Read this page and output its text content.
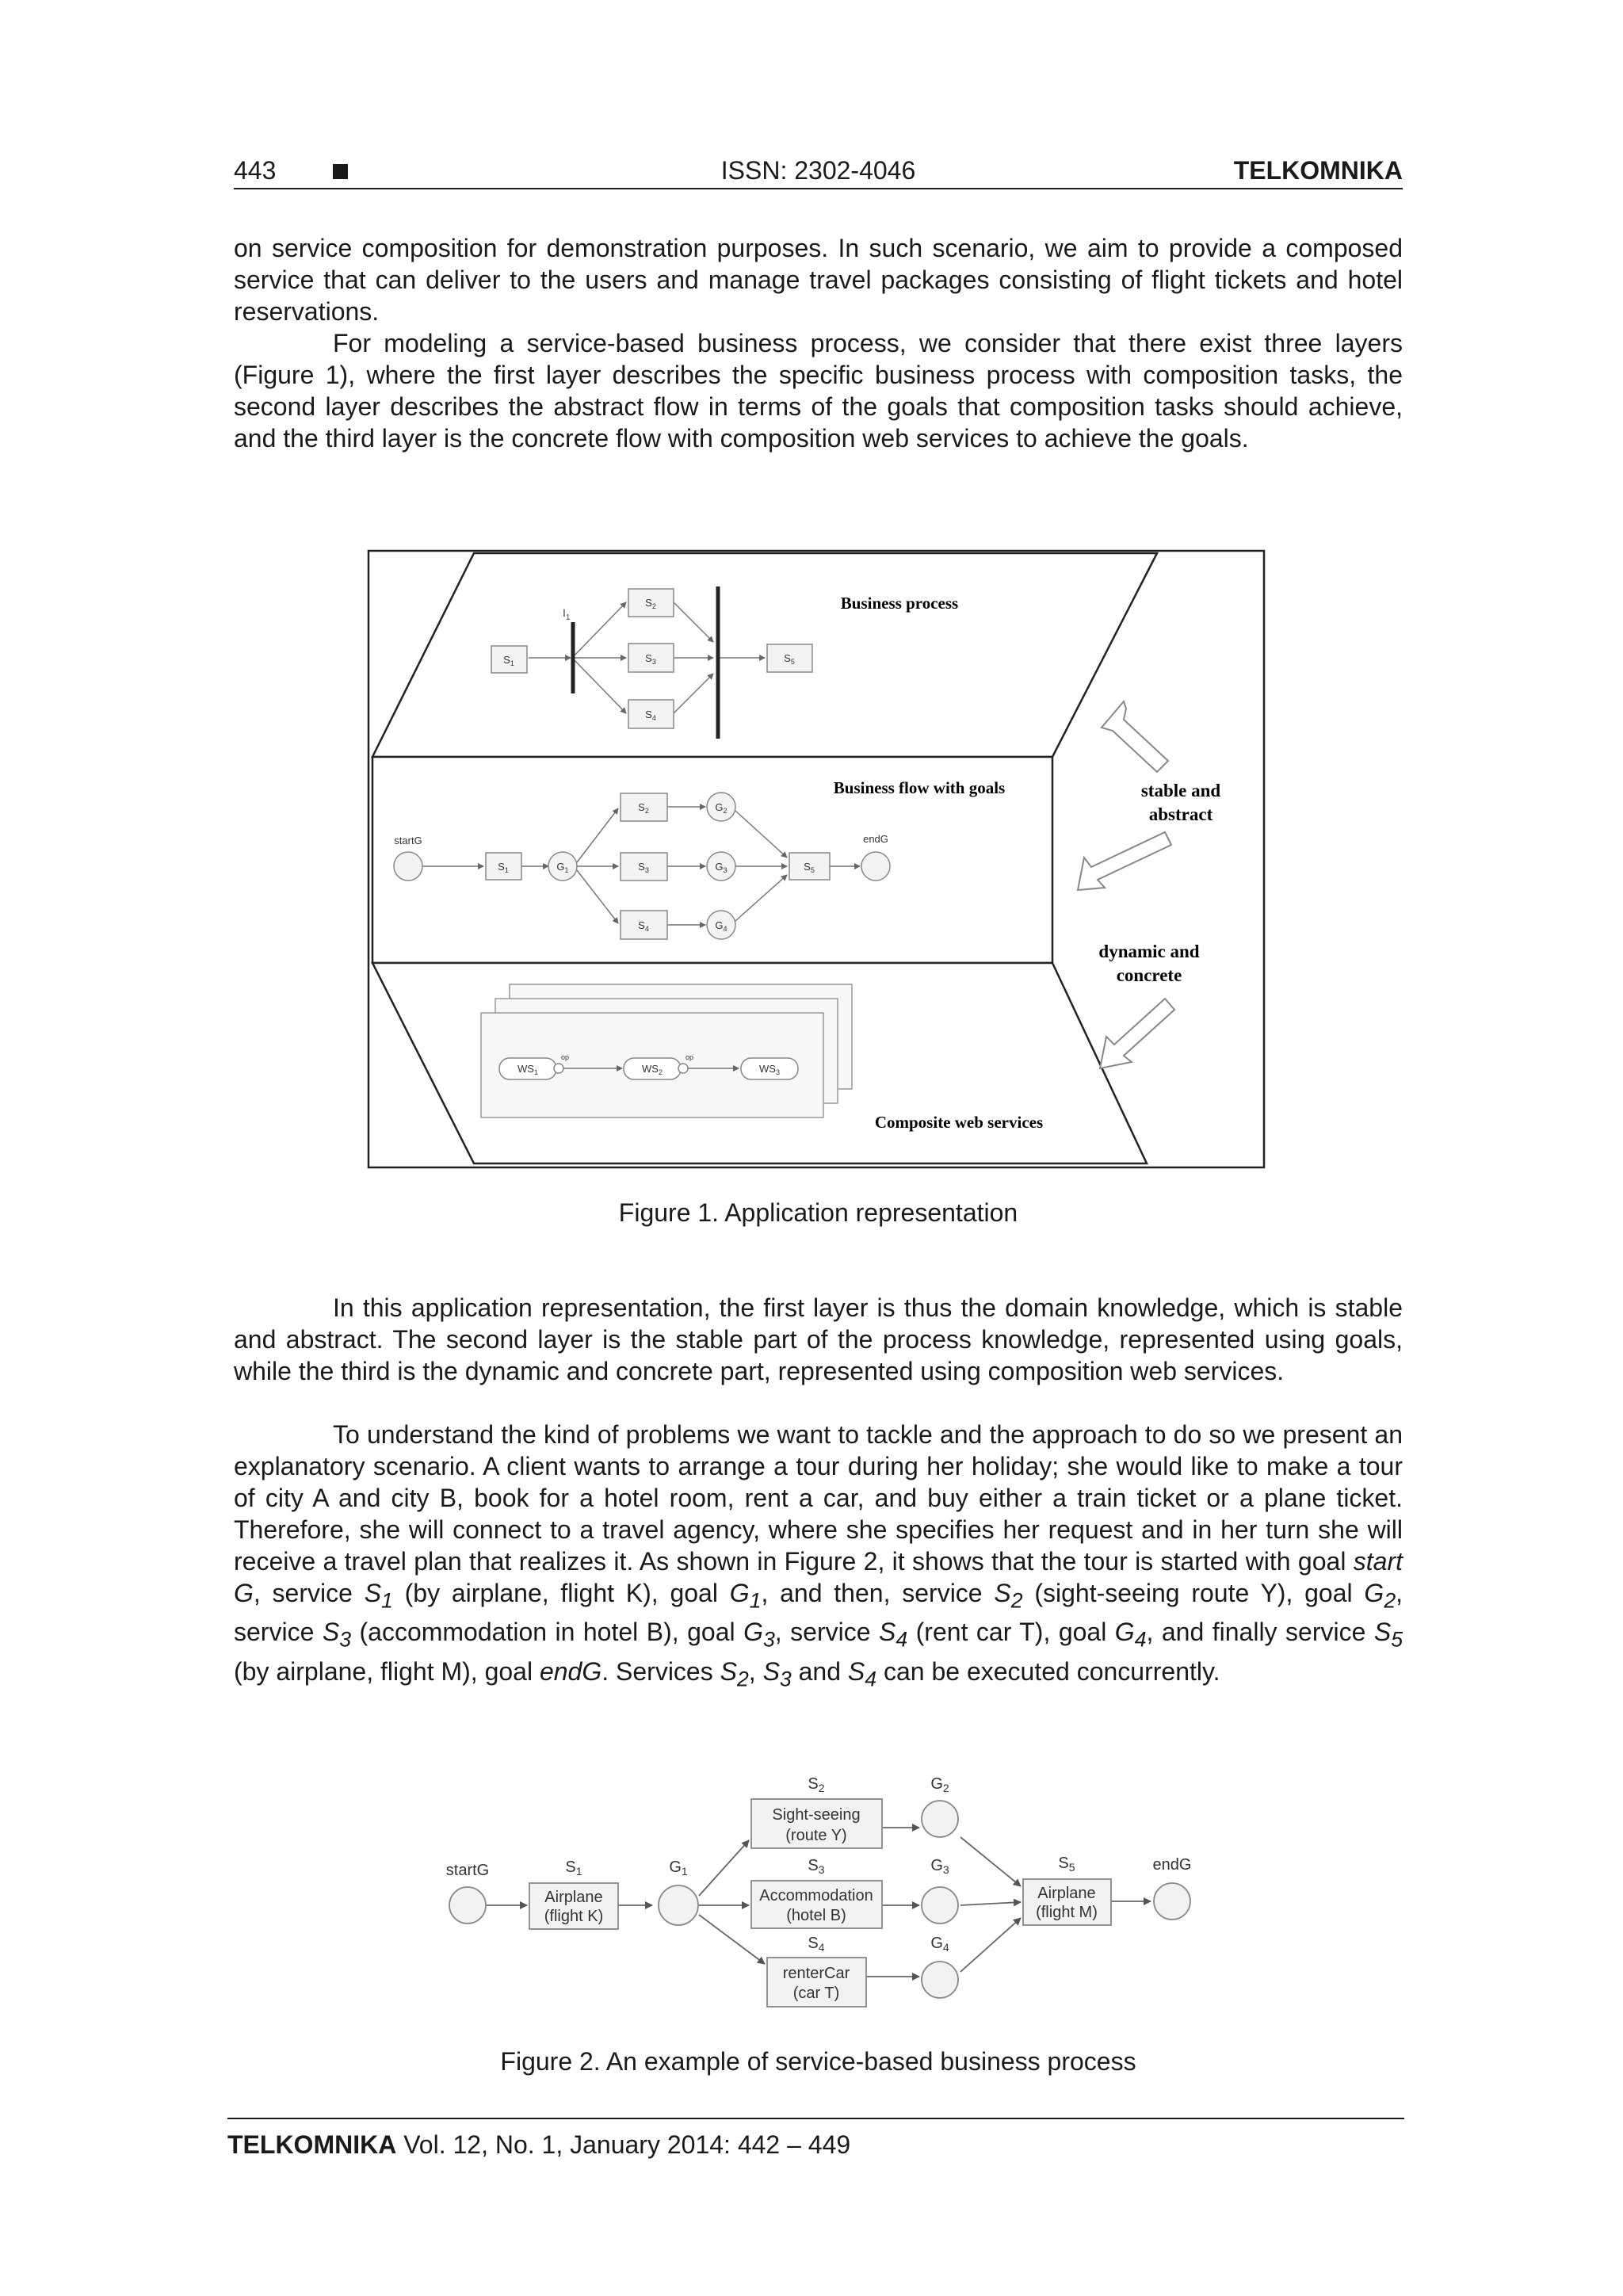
443	ISSN: 2302-4046	TELKOMNIKA

on service composition for demonstration purposes. In such scenario, we aim to provide a composed service that can deliver to the users and manage travel packages consisting of flight tickets and hotel reservations.

For modeling a service-based business process, we consider that there exist three layers (Figure 1), where the first layer describes the specific business process with composition tasks, the second layer describes the abstract flow in terms of the goals that composition tasks should achieve, and the third layer is the concrete flow with composition web services to achieve the goals.

Business process
Business flow with goals
Composite web services
stable and
abstract
dynamic and
concrete
$I_1$
$S_1$
$S_2$
$S_3$
$S_4$
$S_5$
startG	endG
$S_1$	$G_1$
$S_2$	$G_2$
$S_3$	$G_3$
$S_4$	$G_4$
$S_5$
$WS_1$	$WS_2$	$WS_3$
op	op
Figure 1. Application representation

In this application representation, the first layer is thus the domain knowledge, which is stable and abstract. The second layer is the stable part of the process knowledge, represented using goals, while the third is the dynamic and concrete part, represented using composition web services.

To understand the kind of problems we want to tackle and the approach to do so we present an explanatory scenario. A client wants to arrange a tour during her holiday; she would like to make a tour of city A and city B, book for a hotel room, rent a car, and buy either a train ticket or a plane ticket. Therefore, she will connect to a travel agency, where she specifies her request and in her turn she will receive a travel plan that realizes it. As shown in Figure 2, it shows that the tour is started with goal start G, service $S_1$ (by airplane, flight K), goal $G_1$, and then, service $S_2$ (sight-seeing route Y), goal $G_2$, service $S_3$ (accommodation in hotel B), goal $G_3$, service $S_4$ (rent car T), goal $G_4$, and finally service $S_5$ (by airplane, flight M), goal endG. Services $S_2$, $S_3$ and $S_4$ can be executed concurrently.

startG	endG
$S_1$	$G_1$
$S_2$	$G_2$
$S_3$	$G_3$
$S_4$	$G_4$
$S_5$
Airplane
(flight K)
Sight-seeing
(route Y)
Accommodation
(hotel B)
renterCar
(car T)
Airplane
(flight M)
Figure 2. An example of service-based business process
TELKOMNIKA Vol. 12, No. 1, January 2014: 442 – 449
